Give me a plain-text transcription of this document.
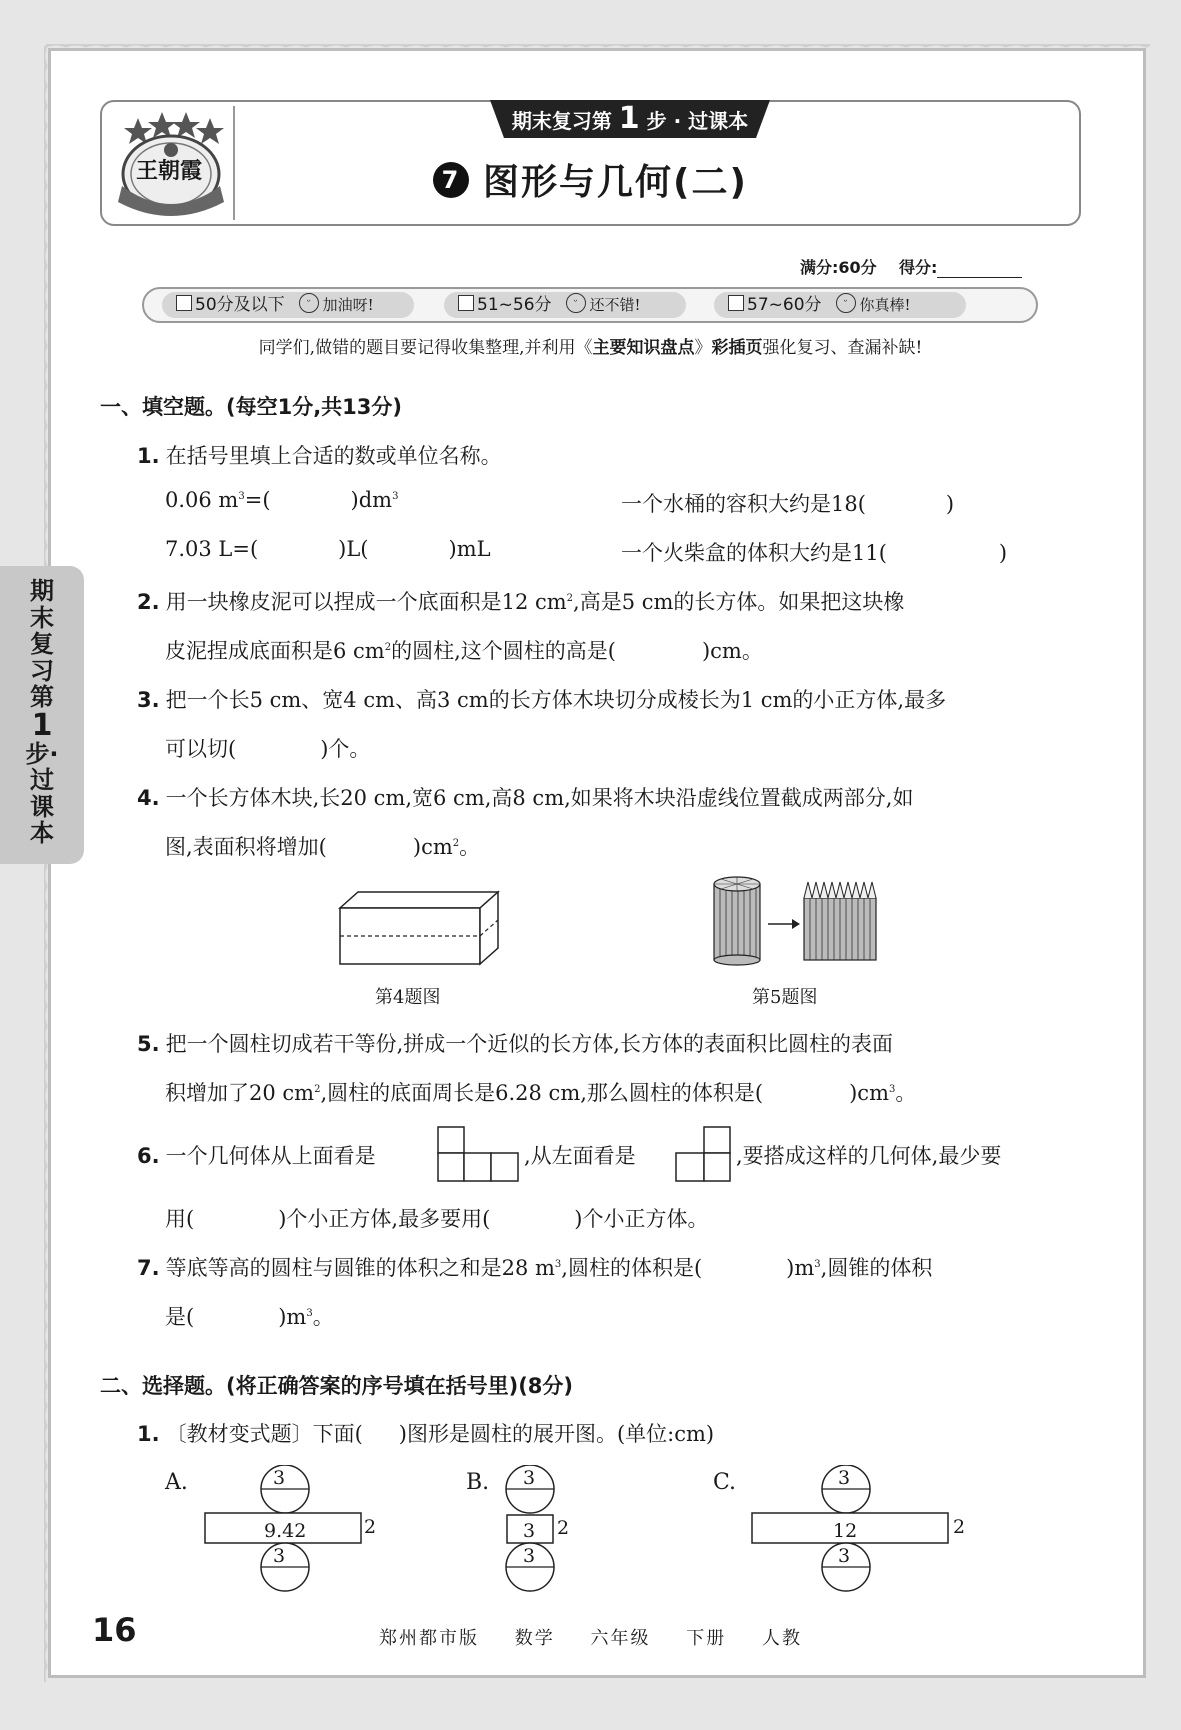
王朝霞
期末复习第 1 步 · 过课本
7 图形与几何(二)
满分:60分 得分:
50分及以下 ᵕ 加油呀!	51~56分 ᵕ 还不错!	57~60分 ᵕ 你真棒!
同学们,做错的题目要记得收集整理,并利用《主要知识盘点》彩插页强化复习、查漏补缺!
期
末
复
习
第
1
步·
过
课
本
一、填空题。(每空1分,共13分)
1. 在括号里填上合适的数或单位名称。
0.06 $m^3=$(	)$dm^3$	一个水桶的容积大约是18(	)
7.03 L=(	)L(	)mL	一个火柴盒的体积大约是11(	)
2. 用一块橡皮泥可以捏成一个底面积是12 $cm^2$,高是5 cm的长方体。如果把这块橡
皮泥捏成底面积是6 $cm^2$的圆柱,这个圆柱的高是(	)cm。
3. 把一个长5 cm、宽4 cm、高3 cm的长方体木块切分成棱长为1 cm的小正方体,最多
可以切(	)个。
4. 一个长方体木块,长20 cm,宽6 cm,高8 cm,如果将木块沿虚线位置截成两部分,如
图,表面积将增加(	)$cm^2$。
第4题图	第5题图
5. 把一个圆柱切成若干等份,拼成一个近似的长方体,长方体的表面积比圆柱的表面
积增加了20 $cm^2$,圆柱的底面周长是6.28 cm,那么圆柱的体积是(	)$cm^3$。
6. 一个几何体从上面看是	,从左面看是	,要搭成这样的几何体,最少要
用(	)个小正方体,最多要用(	)个小正方体。
7. 等底等高的圆柱与圆锥的体积之和是28 $m^3$,圆柱的体积是(	)$m^3$,圆锥的体积
是(	)$m^3$。
二、选择题。(将正确答案的序号填在括号里)(8分)
1. 〔教材变式题〕下面( )图形是圆柱的展开图。(单位:cm)
A.	3
9.42	2
3
B. 3
3 2
3
C.	3
12	2
3
16	郑州都市版 数学 六年级 下册 人教
